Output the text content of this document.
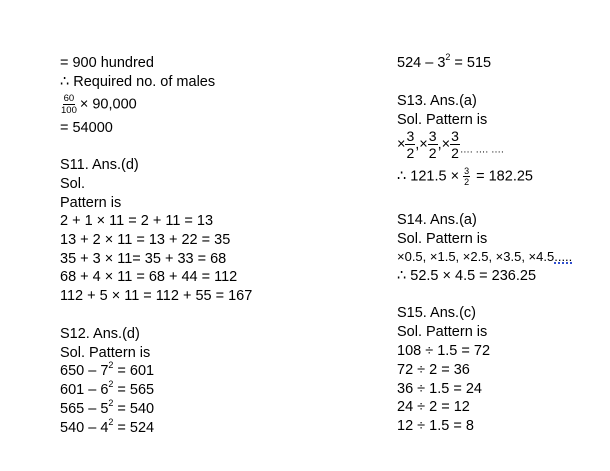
= 900 hundred
∴ Required no. of males
$\frac{60}{100} \times 90,000$
= 54000
S11. Ans.(d)
Sol.
Pattern is
2 + 1 × 11 = 2 + 11 = 13
13 + 2 × 11 = 13 + 22 = 35
35 + 3 × 11= 35 + 33 = 68
68 + 4 × 11 = 68 + 44 = 112
112 + 5 × 11 = 112 + 55 = 167
S12. Ans.(d)
Sol. Pattern is
$650 - 7^2 = 601$
$601 - 6^2 = 565$
$565 - 5^2 = 540$
$540 - 4^2 = 524$
$524 - 3^2 = 515$
S13. Ans.(a)
Sol. Pattern is
× $\frac{3}{2}$ ,× $\frac{3}{2}$ ,× $\frac{3}{2} _{\dots. \dots. \dots.}$
∴ $121.5 \times \frac{3}{2} = 182.25$
S14. Ans.(a)
Sol. Pattern is
×0.5, ×1.5, ×2.5, ×3.5, ×4.5.....
∴ 52.5 × 4.5 = 236.25
S15. Ans.(c)
Sol. Pattern is
108 ÷ 1.5 = 72
72 ÷ 2 = 36
36 ÷ 1.5 = 24
24 ÷ 2 = 12
12 ÷ 1.5 = 8
